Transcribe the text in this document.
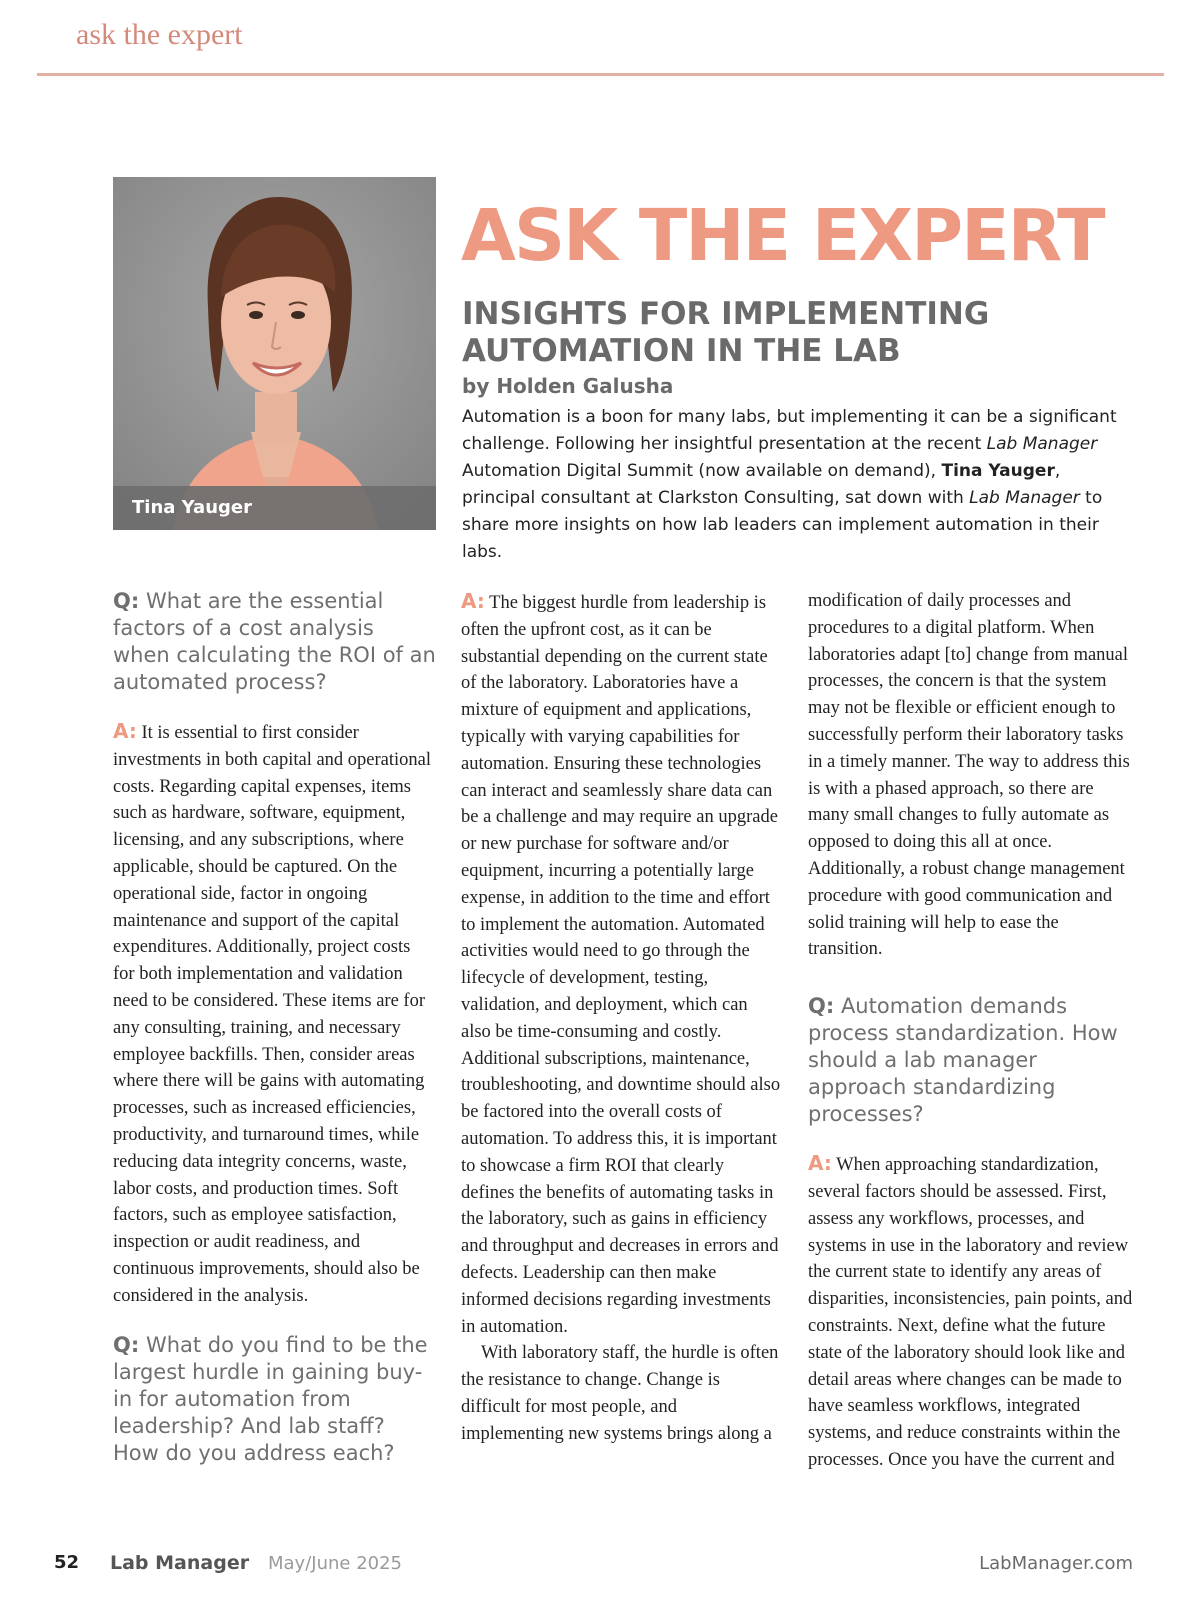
ask the expert
Tina Yauger
ASK THE EXPERT
INSIGHTS FOR IMPLEMENTING
AUTOMATION IN THE LAB
by Holden Galusha
Automation is a boon for many labs, but implementing it can be a significant challenge. Following her insightful presentation at the recent Lab Manager Automation Digital Summit (now available on demand), Tina Yauger, principal consultant at Clarkston Consulting, sat down with Lab Manager to share more insights on how lab leaders can implement automation in their labs.
Q: What are the essential factors of a cost analysis when calculating the ROI of an automated process?
A: It is essential to first consider investments in both capital and operational costs. Regarding capital expenses, items such as hardware, software, equipment, licensing, and any subscriptions, where applicable, should be captured. On the operational side, factor in ongoing maintenance and support of the capital expenditures. Additionally, project costs for both implementation and validation need to be considered. These items are for any consulting, training, and necessary employee backfills. Then, consider areas where there will be gains with automating processes, such as increased efficiencies, productivity, and turnaround times, while reducing data integrity concerns, waste, labor costs, and production times. Soft factors, such as employee satisfaction, inspection or audit readiness, and continuous improvements, should also be considered in the analysis.
Q: What do you find to be the largest hurdle in gaining buy-in for automation from leadership? And lab staff? How do you address each?
A: The biggest hurdle from leadership is often the upfront cost, as it can be substantial depending on the current state of the laboratory. Laboratories have a mixture of equipment and applications, typically with varying capabilities for automation. Ensuring these technologies can interact and seamlessly share data can be a challenge and may require an upgrade or new purchase for software and/or equipment, incurring a potentially large expense, in addition to the time and effort to implement the automation. Automated activities would need to go through the lifecycle of development, testing, validation, and deployment, which can also be time-consuming and costly. Additional subscriptions, maintenance, troubleshooting, and downtime should also be factored into the overall costs of automation. To address this, it is important to showcase a firm ROI that clearly defines the benefits of automating tasks in the laboratory, such as gains in efficiency and throughput and decreases in errors and defects. Leadership can then make informed decisions regarding investments in automation.
With laboratory staff, the hurdle is often the resistance to change. Change is difficult for most people, and implementing new systems brings along a
Q: Automation demands process standardization. How should a lab manager approach standardizing processes?
A: When approaching standardization, several factors should be assessed. First, assess any workflows, processes, and systems in use in the laboratory and review the current state to identify any areas of disparities, inconsistencies, pain points, and constraints. Next, define what the future state of the laboratory should look like and detail areas where changes can be made to have seamless workflows, integrated systems, and reduce constraints within the processes. Once you have the current and
52 Lab Manager May/June 2025	LabManager.com
modification of daily processes and procedures to a digital platform. When laboratories adapt [to] change from manual processes, the concern is that the system may not be flexible or efficient enough to successfully perform their laboratory tasks in a timely manner. The way to address this is with a phased approach, so there are many small changes to fully automate as opposed to doing this all at once. Additionally, a robust change management procedure with good communication and solid training will help to ease the transition.
